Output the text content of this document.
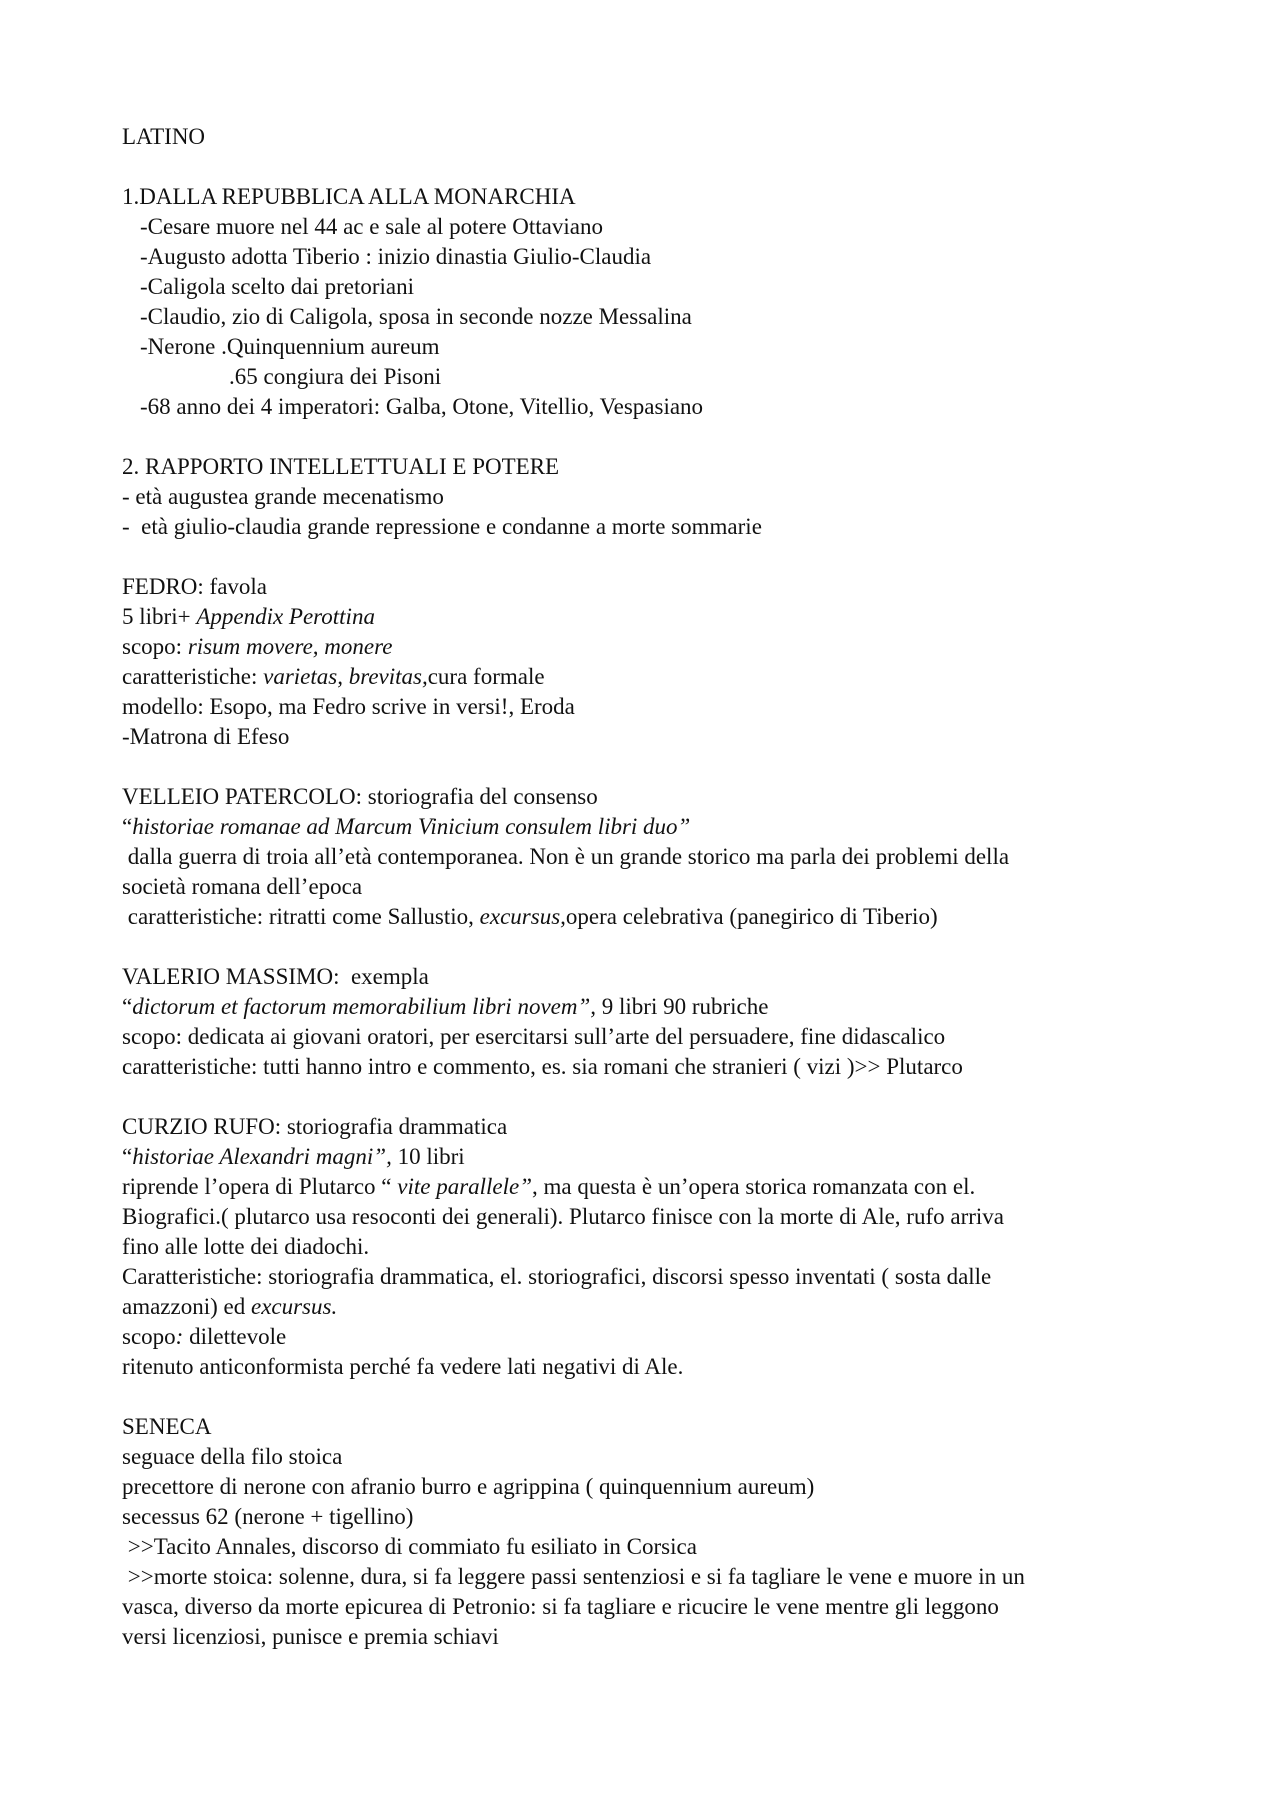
LATINO
1.DALLA REPUBBLICA ALLA MONARCHIA
-Cesare muore nel 44 ac e sale al potere Ottaviano
-Augusto adotta Tiberio : inizio dinastia Giulio-Claudia
-Caligola scelto dai pretoriani
-Claudio, zio di Caligola, sposa in seconde nozze Messalina
-Nerone .Quinquennium aureum
.65 congiura dei Pisoni
-68 anno dei 4 imperatori: Galba, Otone, Vitellio, Vespasiano
2. RAPPORTO INTELLETTUALI E POTERE
- età augustea grande mecenatismo
-  età giulio-claudia grande repressione e condanne a morte sommarie
FEDRO: favola
5 libri+ Appendix Perottina
scopo: risum movere, monere
caratteristiche: varietas, brevitas,cura formale
modello: Esopo, ma Fedro scrive in versi!, Eroda
-Matrona di Efeso
VELLEIO PATERCOLO: storiografia del consenso
“historiae romanae ad Marcum Vinicium consulem libri duo”
dalla guerra di troia all’età contemporanea. Non è un grande storico ma parla dei problemi della
società romana dell’epoca
caratteristiche: ritratti come Sallustio, excursus,opera celebrativa (panegirico di Tiberio)
VALERIO MASSIMO:  exempla
“dictorum et factorum memorabilium libri novem”, 9 libri 90 rubriche
scopo: dedicata ai giovani oratori, per esercitarsi sull’arte del persuadere, fine didascalico
caratteristiche: tutti hanno intro e commento, es. sia romani che stranieri ( vizi )>> Plutarco
CURZIO RUFO: storiografia drammatica
“historiae Alexandri magni”, 10 libri
riprende l’opera di Plutarco “ vite parallele”, ma questa è un’opera storica romanzata con el.
Biografici.( plutarco usa resoconti dei generali). Plutarco finisce con la morte di Ale, rufo arriva
fino alle lotte dei diadochi.
Caratteristiche: storiografia drammatica, el. storiografici, discorsi spesso inventati ( sosta dalle
amazzoni) ed excursus.
scopo: dilettevole
ritenuto anticonformista perché fa vedere lati negativi di Ale.
SENECA
seguace della filo stoica
precettore di nerone con afranio burro e agrippina ( quinquennium aureum)
secessus 62 (nerone + tigellino)
>>Tacito Annales, discorso di commiato fu esiliato in Corsica
>>morte stoica: solenne, dura, si fa leggere passi sentenziosi e si fa tagliare le vene e muore in un
vasca, diverso da morte epicurea di Petronio: si fa tagliare e ricucire le vene mentre gli leggono
versi licenziosi, punisce e premia schiavi
